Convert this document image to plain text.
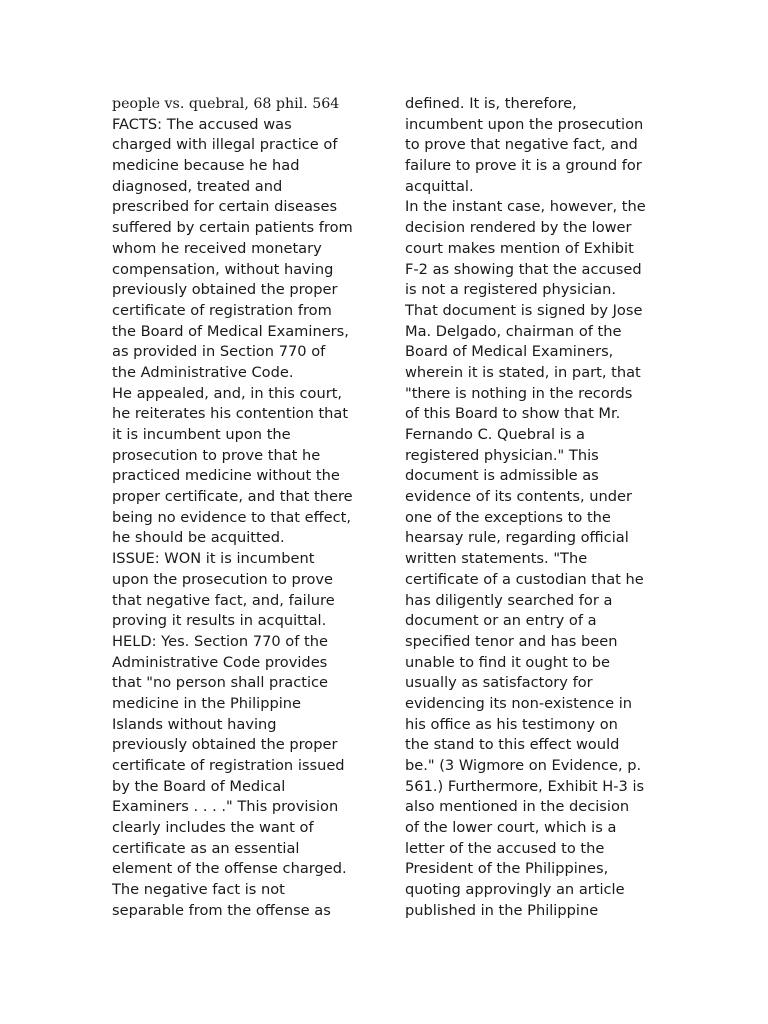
people vs. quebral, 68 phil. 564
FACTS: The accused was
charged with illegal practice of
medicine because he had
diagnosed, treated and
prescribed for certain diseases
suffered by certain patients from
whom he received monetary
compensation, without having
previously obtained the proper
certificate of registration from
the Board of Medical Examiners,
as provided in Section 770 of
the Administrative Code.
He appealed, and, in this court,
he reiterates his contention that
it is incumbent upon the
prosecution to prove that he
practiced medicine without the
proper certificate, and that there
being no evidence to that effect,
he should be acquitted.
ISSUE: WON it is incumbent
upon the prosecution to prove
that negative fact, and, failure
proving it results in acquittal.
HELD: Yes. Section 770 of the
Administrative Code provides
that "no person shall practice
medicine in the Philippine
Islands without having
previously obtained the proper
certificate of registration issued
by the Board of Medical
Examiners . . . ." This provision
clearly includes the want of
certificate as an essential
element of the offense charged.
The negative fact is not
separable from the offense as
defined. It is, therefore,
incumbent upon the prosecution
to prove that negative fact, and
failure to prove it is a ground for
acquittal.
In the instant case, however, the
decision rendered by the lower
court makes mention of Exhibit
F-2 as showing that the accused
is not a registered physician.
That document is signed by Jose
Ma. Delgado, chairman of the
Board of Medical Examiners,
wherein it is stated, in part, that
"there is nothing in the records
of this Board to show that Mr.
Fernando C. Quebral is a
registered physician." This
document is admissible as
evidence of its contents, under
one of the exceptions to the
hearsay rule, regarding official
written statements. "The
certificate of a custodian that he
has diligently searched for a
document or an entry of a
specified tenor and has been
unable to find it ought to be
usually as satisfactory for
evidencing its non-existence in
his office as his testimony on
the stand to this effect would
be." (3 Wigmore on Evidence, p.
561.) Furthermore, Exhibit H-3 is
also mentioned in the decision
of the lower court, which is a
letter of the accused to the
President of the Philippines,
quoting approvingly an article
published in the Philippine
